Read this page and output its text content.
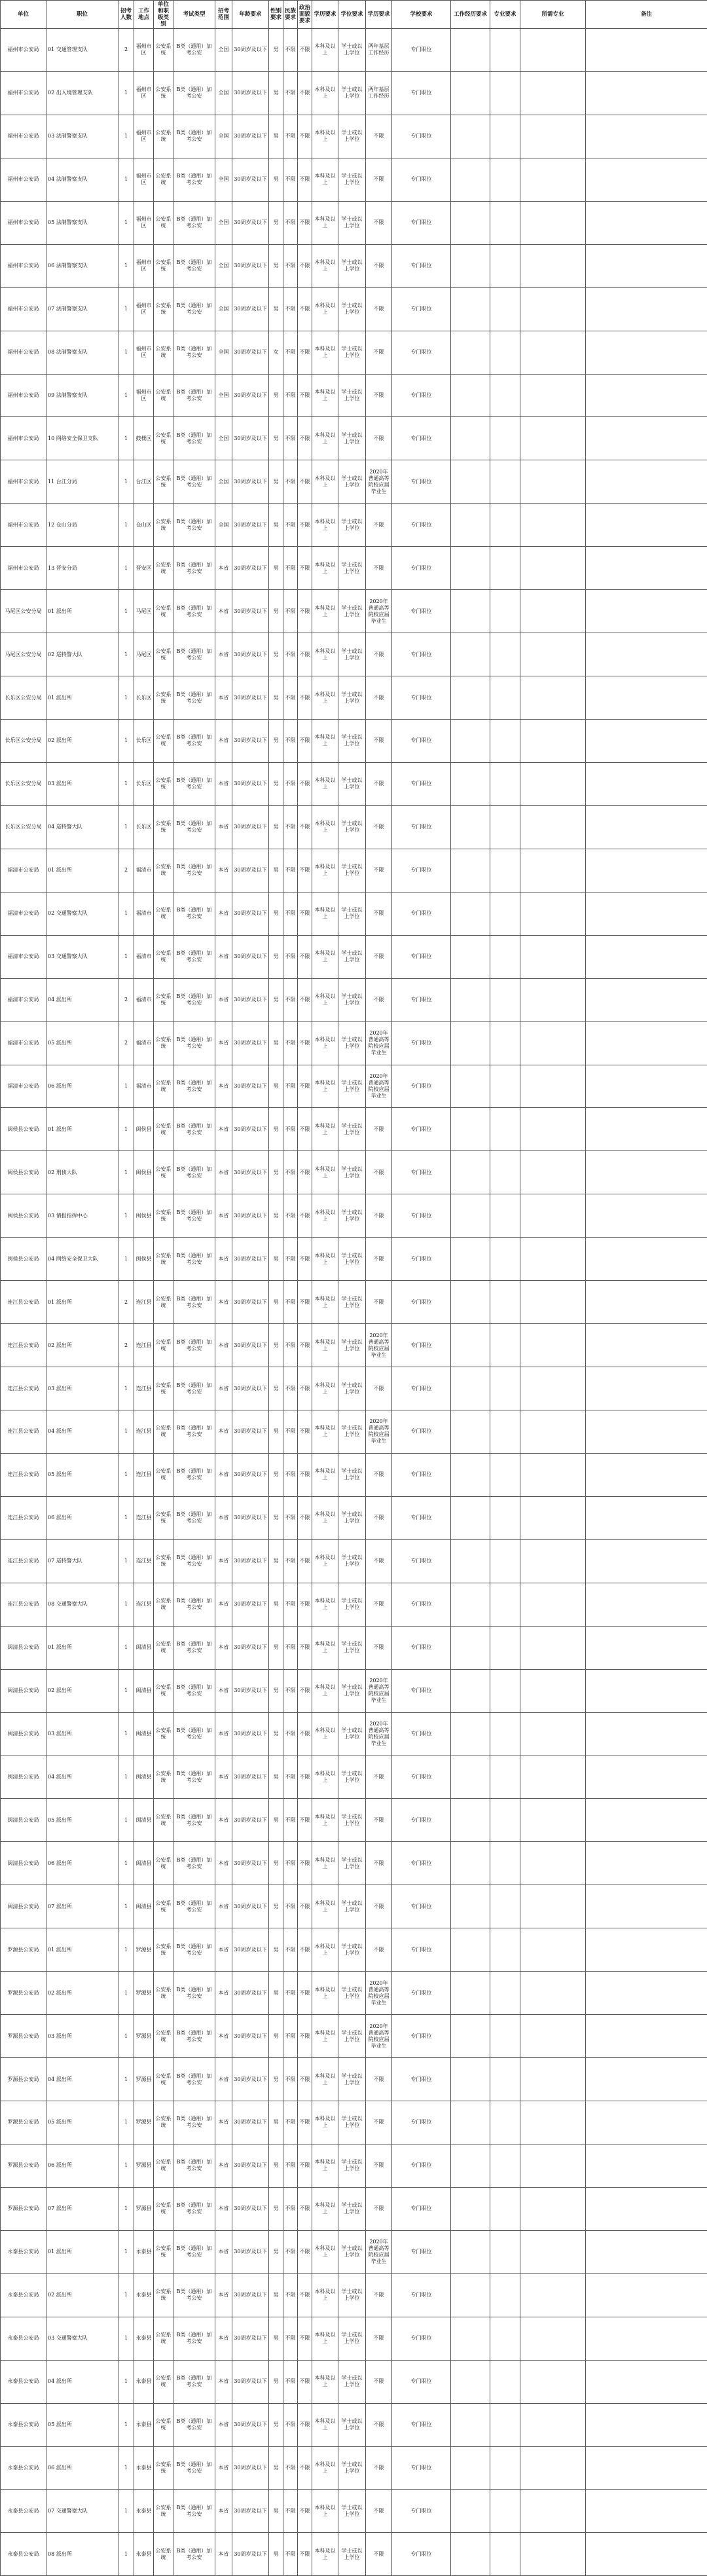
单位	职位	招考人数	工作地点	单位和职级类别	考试类型	招考范围	年龄要求	性别要求	民族要求	政治面貌要求	学历要求	学位要求	学历要求	学校要求	工作经历要求	专业要求	所需专业	备注
福州市公安局	01 交通管理支队	2	福州市区	公安系统	B类（通用）加考公安	全国	30周岁及以下	男	不限	不限	本科及以上	学士或以上学位	两年基层工作经历	专门职位				
福州市公安局	02 出入境管理支队	1	福州市区	公安系统	B类（通用）加考公安	全国	30周岁及以下	男	不限	不限	本科及以上	学士或以上学位	两年基层工作经历	专门职位				
福州市公安局	03 法制警察支队	1	福州市区	公安系统	B类（通用）加考公安	全国	30周岁及以下	男	不限	不限	本科及以上	学士或以上学位	不限	专门职位				
福州市公安局	04 法制警察支队	1	福州市区	公安系统	B类（通用）加考公安	全国	30周岁及以下	男	不限	不限	本科及以上	学士或以上学位	不限	专门职位				
福州市公安局	05 法制警察支队	1	福州市区	公安系统	B类（通用）加考公安	全国	30周岁及以下	男	不限	不限	本科及以上	学士或以上学位	不限	专门职位				
福州市公安局	06 法制警察支队	1	福州市区	公安系统	B类（通用）加考公安	全国	30周岁及以下	男	不限	不限	本科及以上	学士或以上学位	不限	专门职位				
福州市公安局	07 法制警察支队	1	福州市区	公安系统	B类（通用）加考公安	全国	30周岁及以下	男	不限	不限	本科及以上	学士或以上学位	不限	专门职位				
福州市公安局	08 法制警察支队	1	福州市区	公安系统	B类（通用）加考公安	全国	30周岁及以下	女	不限	不限	本科及以上	学士或以上学位	不限	专门职位				
福州市公安局	09 法制警察支队	1	福州市区	公安系统	B类（通用）加考公安	全国	30周岁及以下	男	不限	不限	本科及以上	学士或以上学位	不限	专门职位				
福州市公安局	10 网络安全保卫支队	1	鼓楼区	公安系统	B类（通用）加考公安	全国	30周岁及以下	男	不限	不限	本科及以上	学士或以上学位	不限	专门职位				
福州市公安局	11 台江分局	1	台江区	公安系统	B类（通用）加考公安	全国	30周岁及以下	男	不限	不限	本科及以上	学士或以上学位	2020年普通高等院校应届毕业生	专门职位				
福州市公安局	12 仓山分局	1	仓山区	公安系统	B类（通用）加考公安	全国	30周岁及以下	男	不限	不限	本科及以上	学士或以上学位	不限	专门职位				
福州市公安局	13 晋安分局	1	晋安区	公安系统	B类（通用）加考公安	本省	30周岁及以下	男	不限	不限	本科及以上	学士或以上学位	不限	专门职位				
马尾区公安分局	01 派出所	1	马尾区	公安系统	B类（通用）加考公安	本省	30周岁及以下	男	不限	不限	本科及以上	学士或以上学位	2020年普通高等院校应届毕业生	专门职位				
马尾区公安分局	02 巡特警大队	1	马尾区	公安系统	B类（通用）加考公安	本省	30周岁及以下	男	不限	不限	本科及以上	学士或以上学位	不限	专门职位				
长乐区公安分局	01 派出所	1	长乐区	公安系统	B类（通用）加考公安	本省	30周岁及以下	男	不限	不限	本科及以上	学士或以上学位	不限	专门职位				
长乐区公安分局	02 派出所	1	长乐区	公安系统	B类（通用）加考公安	本省	30周岁及以下	男	不限	不限	本科及以上	学士或以上学位	不限	专门职位				
长乐区公安分局	03 派出所	1	长乐区	公安系统	B类（通用）加考公安	本省	30周岁及以下	男	不限	不限	本科及以上	学士或以上学位	不限	专门职位				
长乐区公安分局	04 巡特警大队	1	长乐区	公安系统	B类（通用）加考公安	本省	30周岁及以下	男	不限	不限	本科及以上	学士或以上学位	不限	专门职位				
福清市公安局	01 派出所	2	福清市	公安系统	B类（通用）加考公安	本省	30周岁及以下	男	不限	不限	本科及以上	学士或以上学位	不限	专门职位				
福清市公安局	02 交通警察大队	1	福清市	公安系统	B类（通用）加考公安	本省	30周岁及以下	男	不限	不限	本科及以上	学士或以上学位	不限	专门职位				
福清市公安局	03 交通警察大队	1	福清市	公安系统	B类（通用）加考公安	本省	30周岁及以下	男	不限	不限	本科及以上	学士或以上学位	不限	专门职位				
福清市公安局	04 派出所	2	福清市	公安系统	B类（通用）加考公安	本省	30周岁及以下	男	不限	不限	本科及以上	学士或以上学位	不限	专门职位				
福清市公安局	05 派出所	2	福清市	公安系统	B类（通用）加考公安	本省	30周岁及以下	男	不限	不限	本科及以上	学士或以上学位	2020年普通高等院校应届毕业生	专门职位				
福清市公安局	06 派出所	1	福清市	公安系统	B类（通用）加考公安	本省	30周岁及以下	男	不限	不限	本科及以上	学士或以上学位	2020年普通高等院校应届毕业生	专门职位				
闽侯县公安局	01 派出所	1	闽侯县	公安系统	B类（通用）加考公安	本省	30周岁及以下	男	不限	不限	本科及以上	学士或以上学位	不限	专门职位				
闽侯县公安局	02 刑侦大队	1	闽侯县	公安系统	B类（通用）加考公安	本省	30周岁及以下	男	不限	不限	本科及以上	学士或以上学位	不限	专门职位				
闽侯县公安局	03 情报指挥中心	1	闽侯县	公安系统	B类（通用）加考公安	本省	30周岁及以下	男	不限	不限	本科及以上	学士或以上学位	不限	专门职位				
闽侯县公安局	04 网络安全保卫大队	1	闽侯县	公安系统	B类（通用）加考公安	本省	30周岁及以下	男	不限	不限	本科及以上	学士或以上学位	不限	专门职位				
连江县公安局	01 派出所	2	连江县	公安系统	B类（通用）加考公安	本省	30周岁及以下	男	不限	不限	本科及以上	学士或以上学位	不限	专门职位				
连江县公安局	02 派出所	2	连江县	公安系统	B类（通用）加考公安	本省	30周岁及以下	男	不限	不限	本科及以上	学士或以上学位	2020年普通高等院校应届毕业生	专门职位				
连江县公安局	03 派出所	1	连江县	公安系统	B类（通用）加考公安	本省	30周岁及以下	男	不限	不限	本科及以上	学士或以上学位	不限	专门职位				
连江县公安局	04 派出所	1	连江县	公安系统	B类（通用）加考公安	本省	30周岁及以下	男	不限	不限	本科及以上	学士或以上学位	2020年普通高等院校应届毕业生	专门职位				
连江县公安局	05 派出所	1	连江县	公安系统	B类（通用）加考公安	本省	30周岁及以下	男	不限	不限	本科及以上	学士或以上学位	不限	专门职位				
连江县公安局	06 派出所	1	连江县	公安系统	B类（通用）加考公安	本省	30周岁及以下	男	不限	不限	本科及以上	学士或以上学位	不限	专门职位				
连江县公安局	07 巡特警大队	1	连江县	公安系统	B类（通用）加考公安	本省	30周岁及以下	男	不限	不限	本科及以上	学士或以上学位	不限	专门职位				
连江县公安局	08 交通警察大队	1	连江县	公安系统	B类（通用）加考公安	本省	30周岁及以下	男	不限	不限	本科及以上	学士或以上学位	不限	专门职位				
闽清县公安局	01 派出所	1	闽清县	公安系统	B类（通用）加考公安	本省	30周岁及以下	男	不限	不限	本科及以上	学士或以上学位	不限	专门职位				
闽清县公安局	02 派出所	1	闽清县	公安系统	B类（通用）加考公安	本省	30周岁及以下	男	不限	不限	本科及以上	学士或以上学位	2020年普通高等院校应届毕业生	专门职位				
闽清县公安局	03 派出所	1	闽清县	公安系统	B类（通用）加考公安	本省	30周岁及以下	男	不限	不限	本科及以上	学士或以上学位	2020年普通高等院校应届毕业生	专门职位				
闽清县公安局	04 派出所	1	闽清县	公安系统	B类（通用）加考公安	本省	30周岁及以下	男	不限	不限	本科及以上	学士或以上学位	不限	专门职位				
闽清县公安局	05 派出所	1	闽清县	公安系统	B类（通用）加考公安	本省	30周岁及以下	男	不限	不限	本科及以上	学士或以上学位	不限	专门职位				
闽清县公安局	06 派出所	1	闽清县	公安系统	B类（通用）加考公安	本省	30周岁及以下	男	不限	不限	本科及以上	学士或以上学位	不限	专门职位				
闽清县公安局	07 派出所	1	闽清县	公安系统	B类（通用）加考公安	本省	30周岁及以下	男	不限	不限	本科及以上	学士或以上学位	不限	专门职位				
罗源县公安局	01 派出所	1	罗源县	公安系统	B类（通用）加考公安	本省	30周岁及以下	男	不限	不限	本科及以上	学士或以上学位	不限	专门职位				
罗源县公安局	02 派出所	1	罗源县	公安系统	B类（通用）加考公安	本省	30周岁及以下	男	不限	不限	本科及以上	学士或以上学位	2020年普通高等院校应届毕业生	专门职位				
罗源县公安局	03 派出所	1	罗源县	公安系统	B类（通用）加考公安	本省	30周岁及以下	男	不限	不限	本科及以上	学士或以上学位	2020年普通高等院校应届毕业生	专门职位				
罗源县公安局	04 派出所	1	罗源县	公安系统	B类（通用）加考公安	本省	30周岁及以下	男	不限	不限	本科及以上	学士或以上学位	不限	专门职位				
罗源县公安局	05 派出所	1	罗源县	公安系统	B类（通用）加考公安	本省	30周岁及以下	男	不限	不限	本科及以上	学士或以上学位	不限	专门职位				
罗源县公安局	06 派出所	1	罗源县	公安系统	B类（通用）加考公安	本省	30周岁及以下	男	不限	不限	本科及以上	学士或以上学位	不限	专门职位				
罗源县公安局	07 派出所	1	罗源县	公安系统	B类（通用）加考公安	本省	30周岁及以下	男	不限	不限	本科及以上	学士或以上学位	不限	专门职位				
永泰县公安局	01 派出所	1	永泰县	公安系统	B类（通用）加考公安	本省	30周岁及以下	男	不限	不限	本科及以上	学士或以上学位	2020年普通高等院校应届毕业生	专门职位				
永泰县公安局	02 派出所	1	永泰县	公安系统	B类（通用）加考公安	本省	30周岁及以下	男	不限	不限	本科及以上	学士或以上学位	不限	专门职位				
永泰县公安局	03 交通警察大队	1	永泰县	公安系统	B类（通用）加考公安	本省	30周岁及以下	男	不限	不限	本科及以上	学士或以上学位	不限	专门职位				
永泰县公安局	04 派出所	1	永泰县	公安系统	B类（通用）加考公安	本省	30周岁及以下	男	不限	不限	本科及以上	学士或以上学位	不限	专门职位				
永泰县公安局	05 派出所	1	永泰县	公安系统	B类（通用）加考公安	本省	30周岁及以下	男	不限	不限	本科及以上	学士或以上学位	不限	专门职位				
永泰县公安局	06 派出所	1	永泰县	公安系统	B类（通用）加考公安	本省	30周岁及以下	男	不限	不限	本科及以上	学士或以上学位	不限	专门职位				
永泰县公安局	07 交通警察大队	1	永泰县	公安系统	B类（通用）加考公安	本省	30周岁及以下	男	不限	不限	本科及以上	学士或以上学位	不限	专门职位				
永泰县公安局	08 派出所	1	永泰县	公安系统	B类（通用）加考公安	本省	30周岁及以下	男	不限	不限	本科及以上	学士或以上学位	不限	专门职位				
